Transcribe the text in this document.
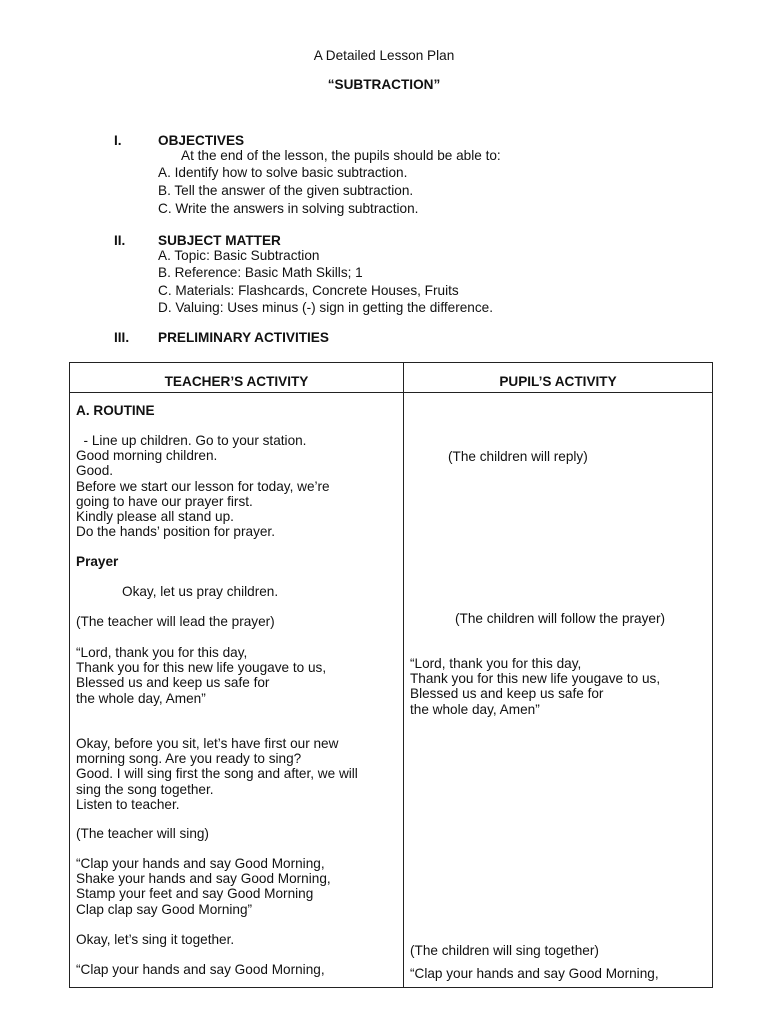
A Detailed Lesson Plan
“SUBTRACTION”
I.	OBJECTIVES
At the end of the lesson, the pupils should be able to:
A. Identify how to solve basic subtraction.
B. Tell the answer of the given subtraction.
C. Write the answers in solving subtraction.
II. SUBJECT MATTER
A. Topic: Basic Subtraction
B. Reference: Basic Math Skills; 1
C. Materials: Flashcards, Concrete Houses, Fruits
D. Valuing: Uses minus (-) sign in getting the difference.
III. PRELIMINARY ACTIVITIES
TEACHER’S ACTIVITY	PUPIL’S ACTIVITY
A. ROUTINE
- Line up children. Go to your station.
Good morning children.
Good.
Before we start our lesson for today, we’re
going to have our prayer first.
Kindly please all stand up.
Do the hands’ position for prayer.
Prayer
Okay, let us pray children.
(The teacher will lead the prayer)
“Lord, thank you for this day,
Thank you for this new life yougave to us,
Blessed us and keep us safe for
the whole day, Amen”
Okay, before you sit, let’s have first our new
morning song. Are you ready to sing?
Good. I will sing first the song and after, we will
sing the song together.
Listen to teacher.
(The teacher will sing)
“Clap your hands and say Good Morning,
Shake your hands and say Good Morning,
Stamp your feet and say Good Morning
Clap clap say Good Morning”
Okay, let’s sing it together.
“Clap your hands and say Good Morning,
(The children will reply)
(The children will follow the prayer)
“Lord, thank you for this day,
Thank you for this new life yougave to us,
Blessed us and keep us safe for
the whole day, Amen”
(The children will sing together)
“Clap your hands and say Good Morning,
